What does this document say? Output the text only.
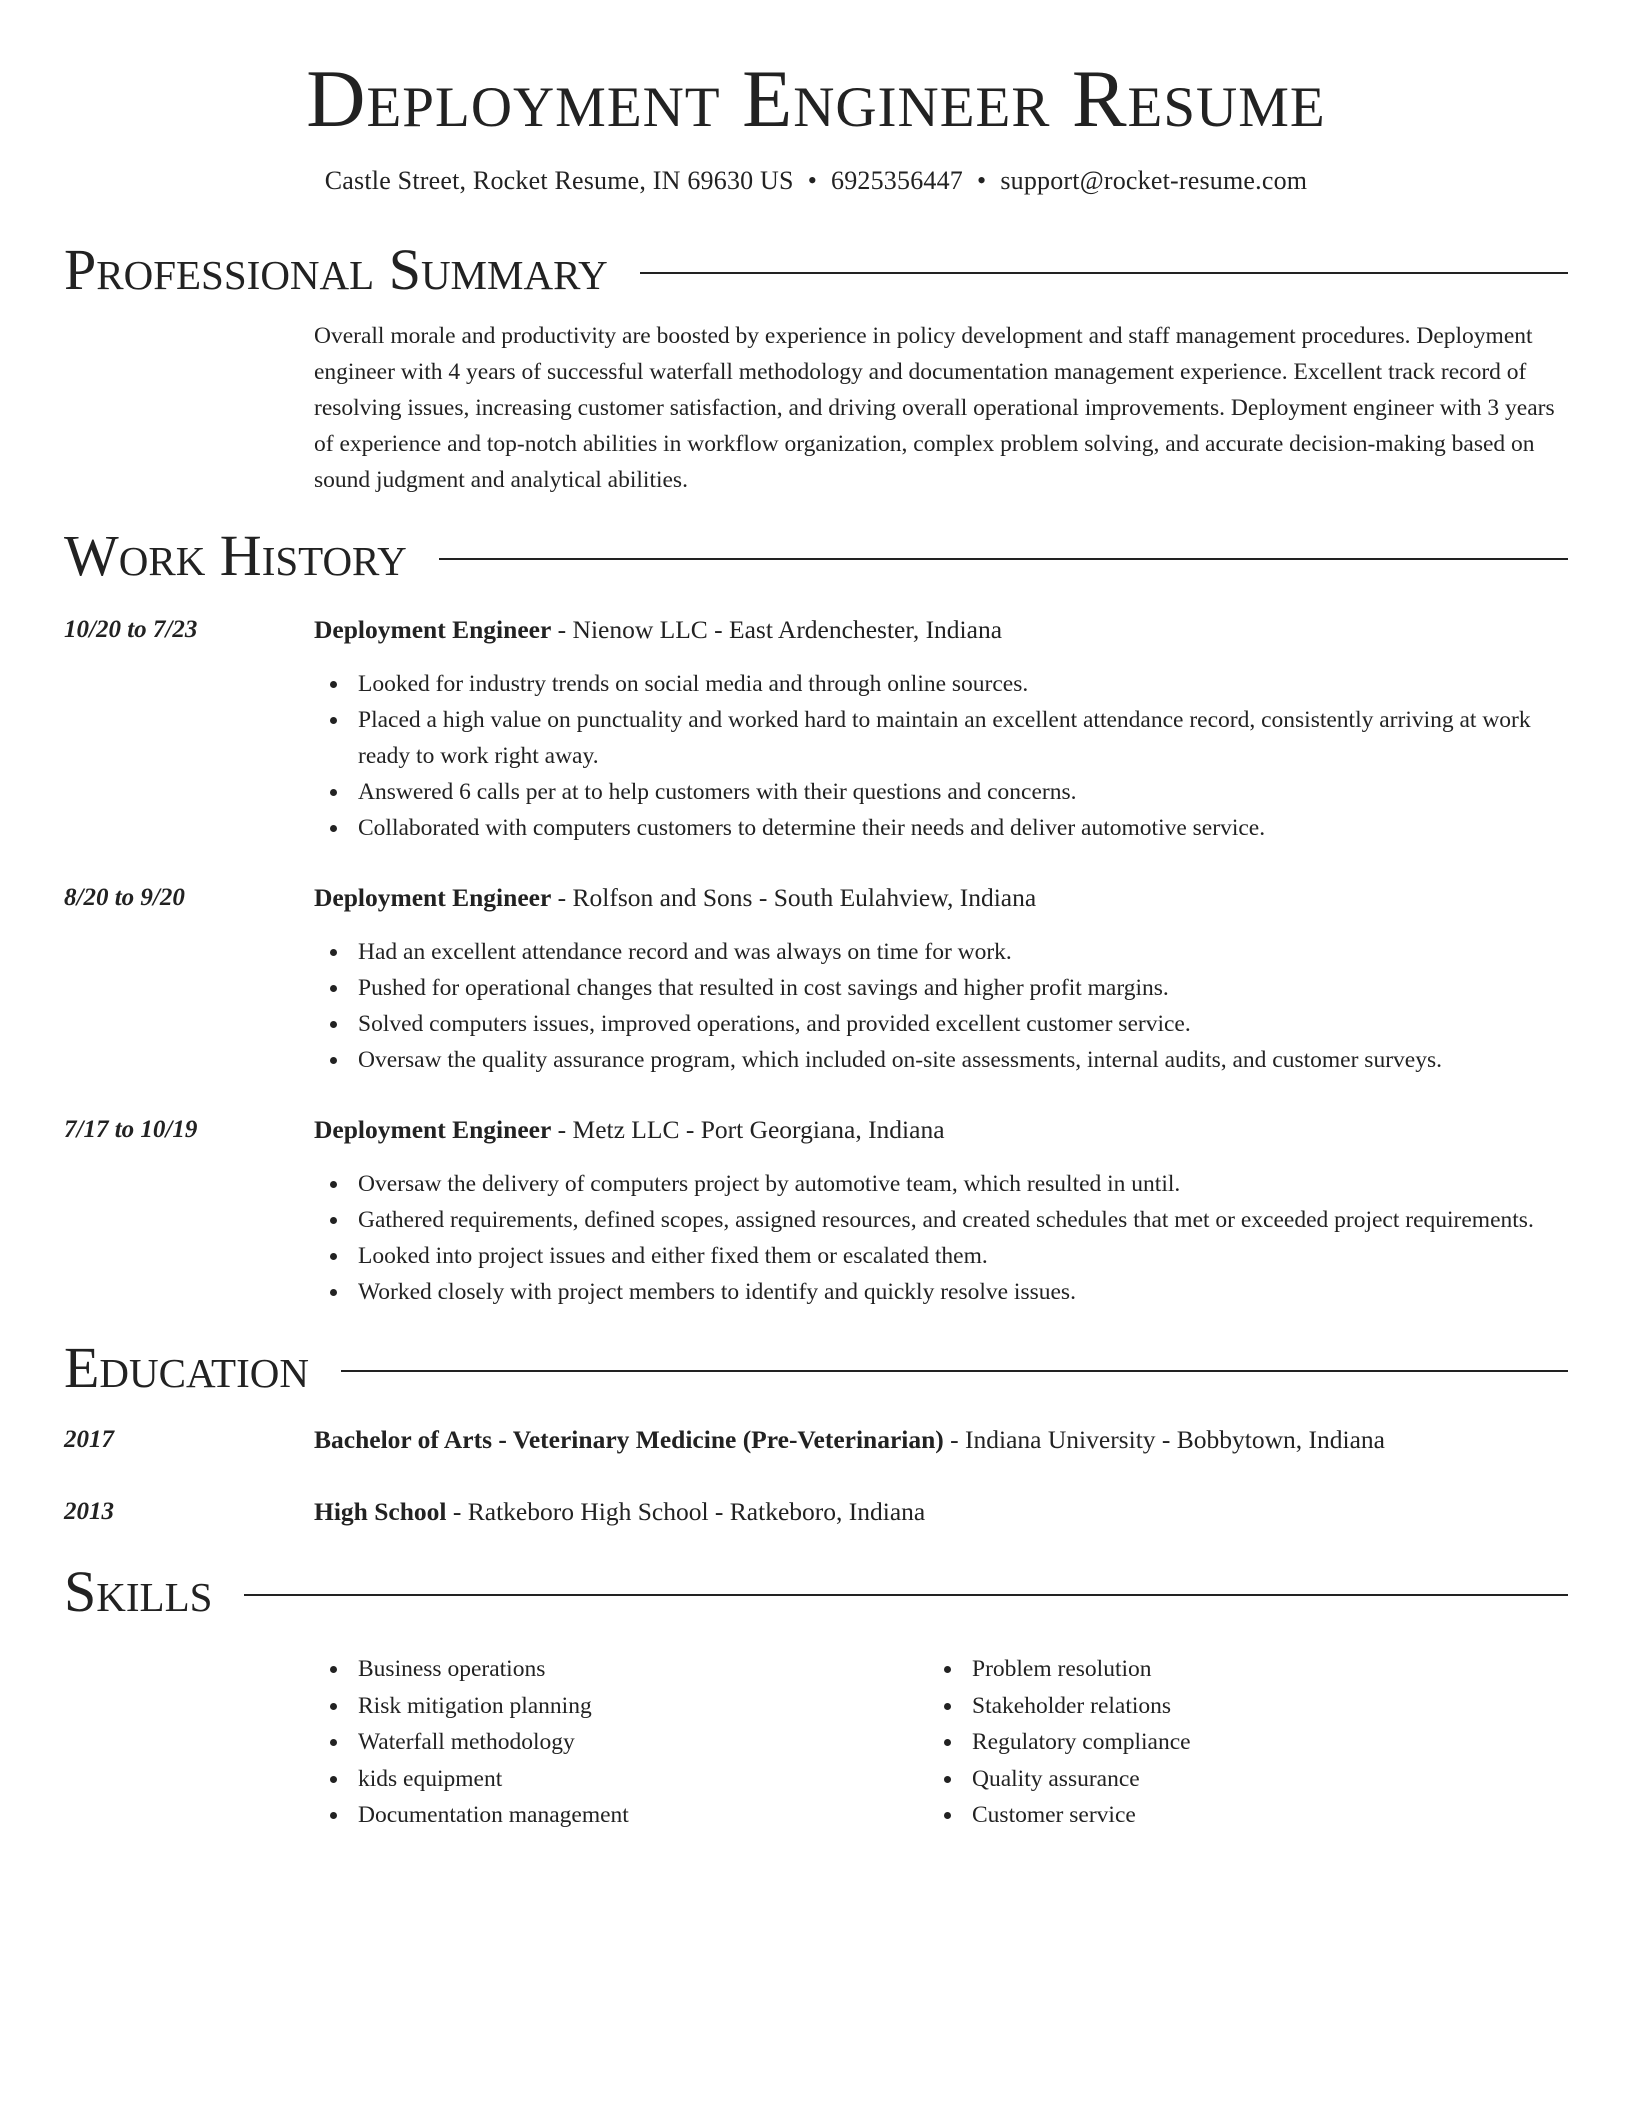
Deployment Engineer Resume
Castle Street, Rocket Resume, IN 69630 US • 6925356447 • support@rocket-resume.com
Professional Summary

Overall morale and productivity are boosted by experience in policy development and staff management procedures. Deployment engineer with 4 years of successful waterfall methodology and documentation management experience. Excellent track record of resolving issues, increasing customer satisfaction, and driving overall operational improvements. Deployment engineer with 3 years of experience and top-notch abilities in workflow organization, complex problem solving, and accurate decision-making based on sound judgment and analytical abilities.

Work History
10/20 to 7/23	Deployment Engineer - Nienow LLC - East Ardenchester, Indiana
Looked for industry trends on social media and through online sources.
Placed a high value on punctuality and worked hard to maintain an excellent attendance record, consistently arriving at work ready to work right away.
Answered 6 calls per at to help customers with their questions and concerns.
Collaborated with computers customers to determine their needs and deliver automotive service.
8/20 to 9/20	Deployment Engineer - Rolfson and Sons - South Eulahview, Indiana
Had an excellent attendance record and was always on time for work.
Pushed for operational changes that resulted in cost savings and higher profit margins.
Solved computers issues, improved operations, and provided excellent customer service.
Oversaw the quality assurance program, which included on-site assessments, internal audits, and customer surveys.
7/17 to 10/19	Deployment Engineer - Metz LLC - Port Georgiana, Indiana
Oversaw the delivery of computers project by automotive team, which resulted in until.
Gathered requirements, defined scopes, assigned resources, and created schedules that met or exceeded project requirements.
Looked into project issues and either fixed them or escalated them.
Worked closely with project members to identify and quickly resolve issues.
Education
2017	Bachelor of Arts - Veterinary Medicine (Pre-Veterinarian) - Indiana University - Bobbytown, Indiana
2013	High School - Ratkeboro High School - Ratkeboro, Indiana
Skills
Business operations
Risk mitigation planning
Waterfall methodology
kids equipment
Documentation management
Problem resolution
Stakeholder relations
Regulatory compliance
Quality assurance
Customer service
